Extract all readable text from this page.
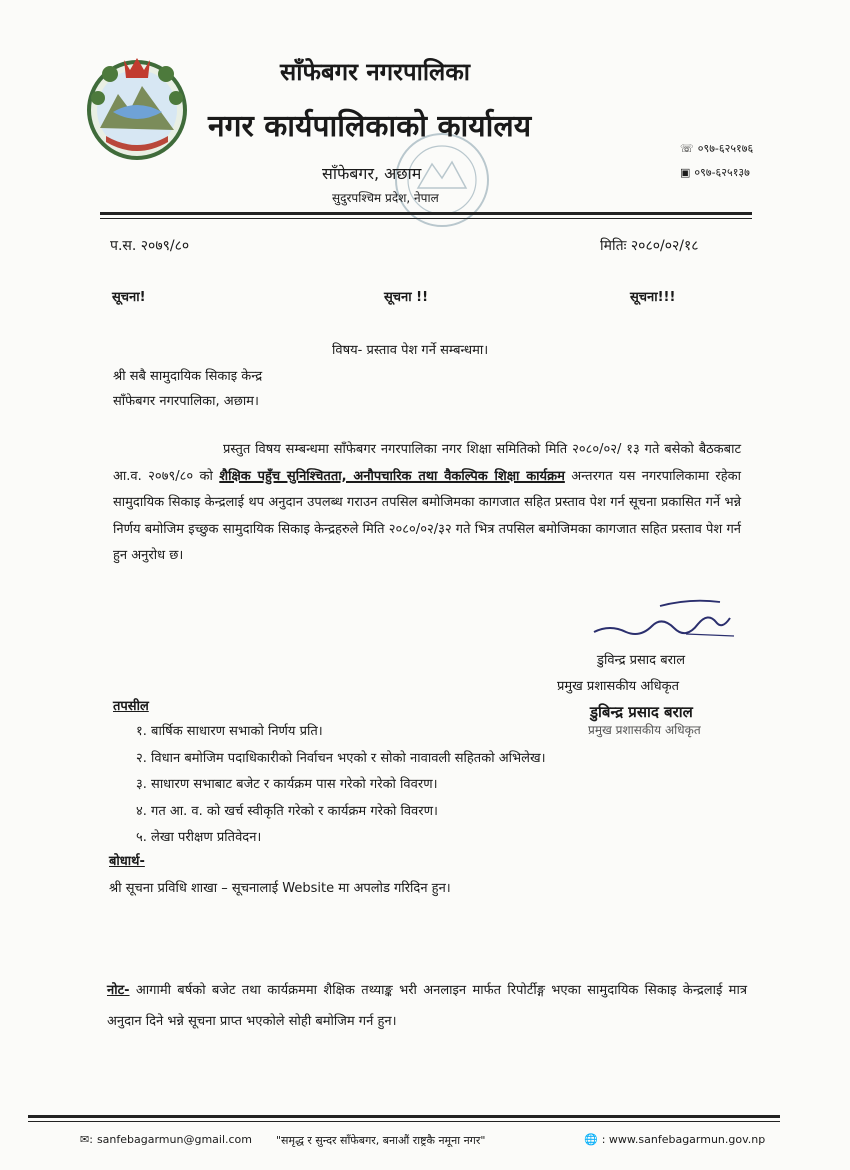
साँफेबगर नगरपालिका
नगर कार्यपालिकाको कार्यालय
साँफेबगर, अछाम
सुदुरपश्चिम प्रदेश, नेपाल
☏ ०९७-६२५१७६
▣ ०९७-६२५१३७
प.स. २०७९/८०	मितिः २०८०/०२/१८
सूचना!	सूचना !!	सूचना!!!
विषय- प्रस्ताव पेश गर्ने सम्बन्धमा।
श्री सबै सामुदायिक सिकाइ केन्द्र
साँफेबगर नगरपालिका, अछाम।
प्रस्तुत विषय सम्बन्धमा साँफेबगर नगरपालिका नगर शिक्षा समितिको मिति २०८०/०२/ १३ गते बसेको बैठकबाट आ.व. २०७९/८० को शैक्षिक पहुँच सुनिश्चितता, अनौपचारिक तथा वैकल्पिक शिक्षा कार्यक्रम अन्तरगत यस नगरपालिकामा रहेका सामुदायिक सिकाइ केन्द्रलाई थप अनुदान उपलब्ध गराउन तपसिल बमोजिमका कागजात सहित प्रस्ताव पेश गर्न सूचना प्रकासित गर्ने भन्ने निर्णय बमोजिम इच्छुक सामुदायिक सिकाइ केन्द्रहरुले मिति २०८०/०२/३२ गते भित्र तपसिल बमोजिमका कागजात सहित प्रस्ताव पेश गर्न हुन अनुरोध छ।
डुविन्द्र प्रसाद बराल
प्रमुख प्रशासकीय अधिकृत
डुबिन्द्र प्रसाद बराल
प्रमुख प्रशासकीय अधिकृत
तपसील
१. बार्षिक साधारण सभाको निर्णय प्रति।
२. विधान बमोजिम पदाधिकारीको निर्वाचन भएको र सोको नावावली सहितको अभिलेख।
३. साधारण सभाबाट बजेट र कार्यक्रम पास गरेको गरेको विवरण।
४. गत आ. व. को खर्च स्वीकृति गरेको र कार्यक्रम गरेको विवरण।
५. लेखा परीक्षण प्रतिवेदन।
बोधार्थ-
श्री सूचना प्रविधि शाखा – सूचनालाई Website मा अपलोड गरिदिन हुन।
नोट- आगामी बर्षको बजेट तथा कार्यक्रममा शैक्षिक तथ्याङ्क भरी अनलाइन मार्फत रिपोर्टीङ्ग भएका सामुदायिक सिकाइ केन्द्रलाई मात्र अनुदान दिने भन्ने सूचना प्राप्त भएकोले सोही बमोजिम गर्न हुन।
✉: sanfebagarmun@gmail.com "समृद्ध र सुन्दर साँफेबगर, बनाऔं राष्ट्रकै नमूना नगर"	🌐 : www.sanfebagarmun.gov.np
